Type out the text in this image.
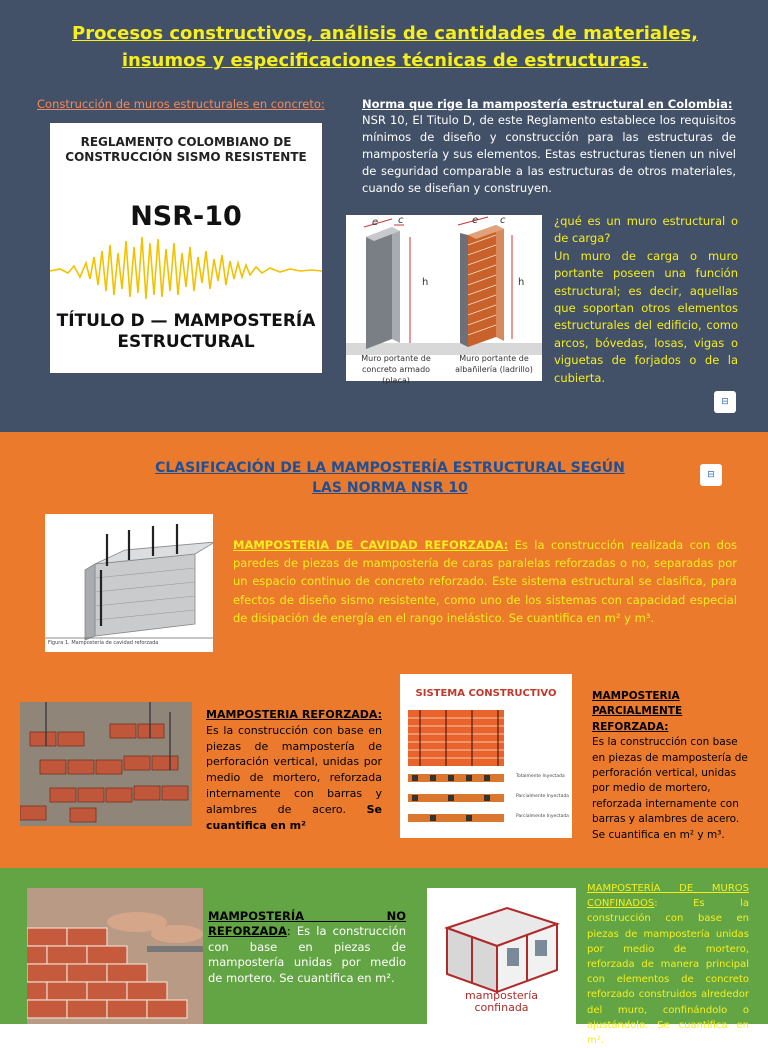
Procesos constructivos, análisis de cantidades de materiales, insumos y especificaciones técnicas de estructuras.
Construcción de muros estructurales en concreto:
REGLAMENTO COLOMBIANO DE
CONSTRUCCIÓN SISMO RESISTENTE
NSR-10
TÍTULO D — MAMPOSTERÍA
ESTRUCTURAL
Norma que rige la mampostería estructural en Colombia:
NSR 10, El Titulo D, de este Reglamento establece los requisitos mínimos de diseño y construcción para las estructuras de mampostería y sus elementos. Estas estructuras tienen un nivel de seguridad comparable a las estructuras de otros materiales, cuando se diseñan y construyen.
e c
h
e c
h
Muro portante de concreto armado (placa)
Muro portante de albañilería (ladrillo)
¿qué es un muro estructural o de carga?
Un muro de carga o muro portante poseen una función estructural; es decir, aquellas que soportan otros elementos estructurales del edificio, como arcos, bóvedas, losas, vigas o viguetas de forjados o de la cubierta.
⊟
CLASIFICACIÓN DE LA MAMPOSTERÍA ESTRUCTURAL SEGÚN LAS NORMA NSR 10
⊟
Figura 1. Mampostería de cavidad reforzada
MAMPOSTERIA DE CAVIDAD REFORZADA: Es la construcción realizada con dos paredes de piezas de mampostería de caras paralelas reforzadas o no, separadas por un espacio continuo de concreto reforzado. Este sistema estructural se clasifica, para efectos de diseño sismo resistente, como uno de los sistemas con capacidad especial de disipación de energía en el rango inelástico. Se cuantifica en m² y m³.
MAMPOSTERIA REFORZADA: Es la construcción con base en piezas de mampostería de perforación vertical, unidas por medio de mortero, reforzada internamente con barras y alambres de acero. Se cuantifica en m²
SISTEMA CONSTRUCTIVO
Totalmente Inyectada
Parcialmente Inyectada
Parcialmente Inyectada
MAMPOSTERIA PARCIALMENTE REFORZADA:
Es la construcción con base en piezas de mampostería de perforación vertical, unidas por medio de mortero, reforzada internamente con barras y alambres de acero. Se cuantifica en m² y m³.
MAMPOSTERÍA NO REFORZADA: Es la construcción con base en piezas de mampostería unidas por medio de mortero. Se cuantifica en m².
mampostería
confinada
MAMPOSTERÍA DE MUROS CONFINADOS: Es la construcción con base en piezas de mampostería unidas por medio de mortero, reforzada de manera principal con elementos de concreto reforzado construidos alrededor del muro, confinándolo o ajustándolo. Se cuantifica en m².
